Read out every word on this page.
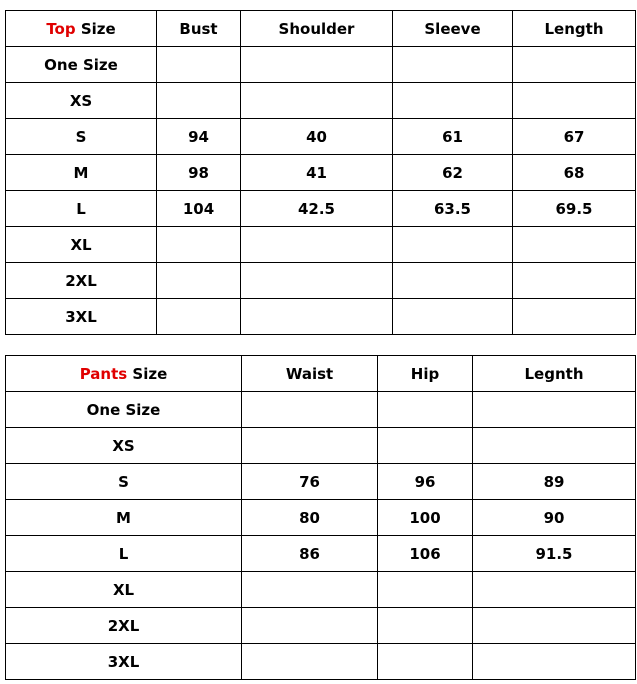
Top Size	Bust	Shoulder	Sleeve	Length
One Size				
XS				
S	94	40	61	67
M	98	41	62	68
L	104	42.5	63.5	69.5
XL				
2XL				
3XL				
Pants Size	Waist	Hip	Legnth
One Size			
XS			
S	76	96	89
M	80	100	90
L	86	106	91.5
XL			
2XL			
3XL			
